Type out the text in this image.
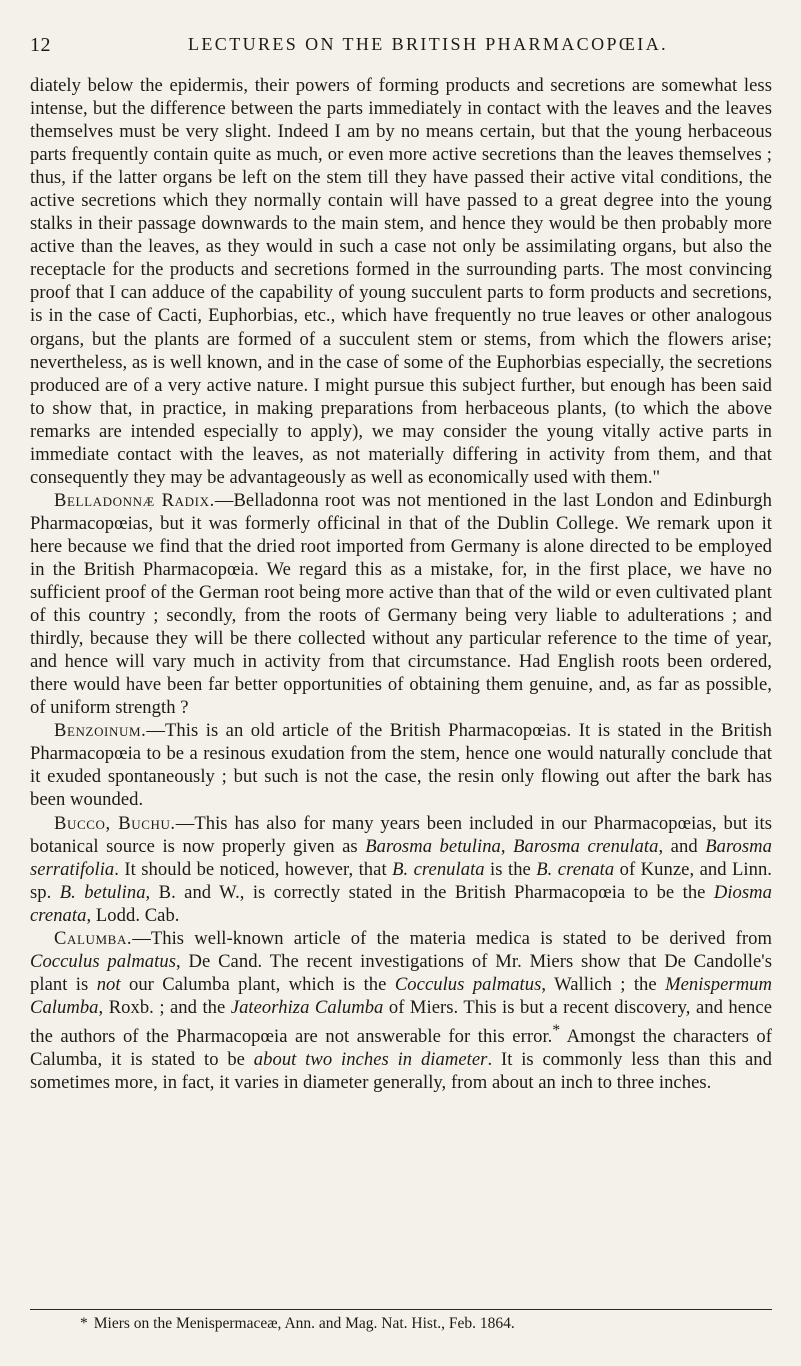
12	LECTURES ON THE BRITISH PHARMACOPŒIA.

diately below the epidermis, their powers of forming products and secretions are somewhat less intense, but the difference between the parts immediately in contact with the leaves and the leaves themselves must be very slight. Indeed I am by no means certain, but that the young herbaceous parts frequently contain quite as much, or even more active secretions than the leaves themselves ; thus, if the latter organs be left on the stem till they have passed their active vital conditions, the active secretions which they normally contain will have passed to a great degree into the young stalks in their passage downwards to the main stem, and hence they would be then probably more active than the leaves, as they would in such a case not only be assimilating organs, but also the receptacle for the products and secretions formed in the surrounding parts. The most convincing proof that I can adduce of the capability of young succulent parts to form products and secretions, is in the case of Cacti, Euphorbias, etc., which have frequently no true leaves or other analogous organs, but the plants are formed of a succulent stem or stems, from which the flowers arise; nevertheless, as is well known, and in the case of some of the Euphorbias especially, the secretions produced are of a very active nature. I might pursue this subject further, but enough has been said to show that, in practice, in making preparations from herbaceous plants, (to which the above remarks are intended especially to apply), we may consider the young vitally active parts in immediate contact with the leaves, as not materially differing in activity from them, and that consequently they may be advantageously as well as economically used with them."

Belladonnæ Radix.—Belladonna root was not mentioned in the last London and Edinburgh Pharmacopœias, but it was formerly officinal in that of the Dublin College. We remark upon it here because we find that the dried root imported from Germany is alone directed to be employed in the British Pharmacopœia. We regard this as a mistake, for, in the first place, we have no sufficient proof of the German root being more active than that of the wild or even cultivated plant of this country ; secondly, from the roots of Germany being very liable to adulterations ; and thirdly, because they will be there collected without any particular reference to the time of year, and hence will vary much in activity from that circumstance. Had English roots been ordered, there would have been far better opportunities of obtaining them genuine, and, as far as possible, of uniform strength ?

Benzoinum.—This is an old article of the British Pharmacopœias. It is stated in the British Pharmacopœia to be a resinous exudation from the stem, hence one would naturally conclude that it exuded spontaneously ; but such is not the case, the resin only flowing out after the bark has been wounded.

Bucco, Buchu.—This has also for many years been included in our Pharmacopœias, but its botanical source is now properly given as Barosma betulina, Barosma crenulata, and Barosma serratifolia. It should be noticed, however, that B. crenulata is the B. crenata of Kunze, and Linn. sp. B. betulina, B. and W., is correctly stated in the British Pharmacopœia to be the Diosma crenata, Lodd. Cab.

Calumba.—This well-known article of the materia medica is stated to be derived from Cocculus palmatus, De Cand. The recent investigations of Mr. Miers show that De Candolle's plant is not our Calumba plant, which is the Cocculus palmatus, Wallich ; the Menispermum Calumba, Roxb. ; and the Jateorhiza Calumba of Miers. This is but a recent discovery, and hence the authors of the Pharmacopœia are not answerable for this error.* Amongst the characters of Calumba, it is stated to be about two inches in diameter. It is commonly less than this and sometimes more, in fact, it varies in diameter generally, from about an inch to three inches.

* Miers on the Menispermaceæ, Ann. and Mag. Nat. Hist., Feb. 1864.
